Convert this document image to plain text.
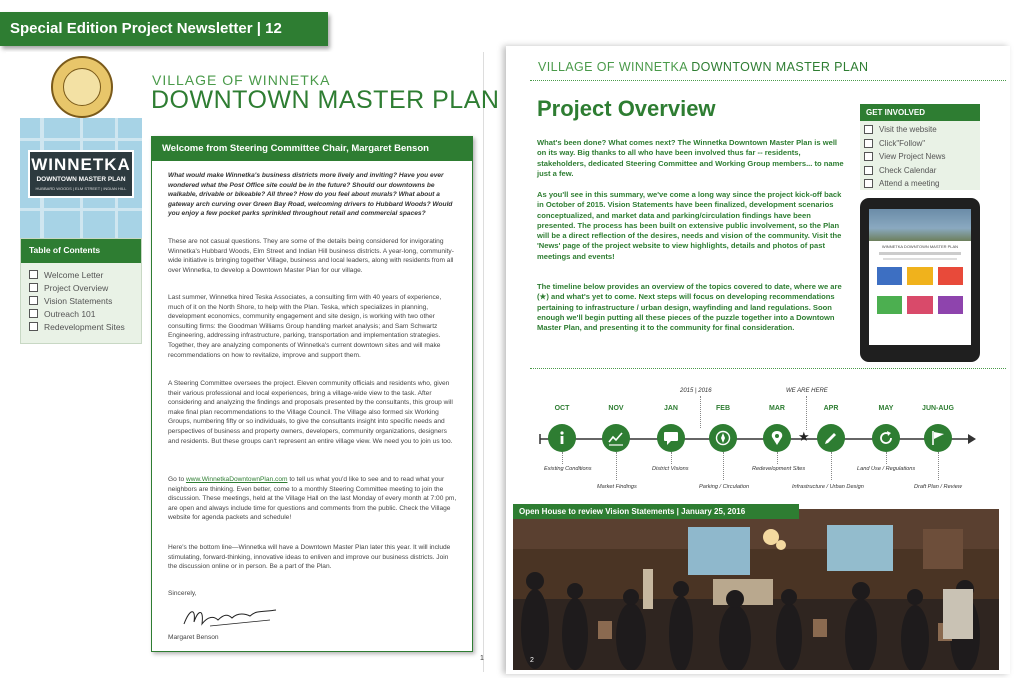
Special Edition Project Newsletter | 12
VILLAGE OF WINNETKA
DOWNTOWN MASTER PLAN
WINNETKA
DOWNTOWN MASTER PLAN
HUBBARD WOODS | ELM STREET | INDIAN HILL
Table of Contents
Welcome Letter
Project Overview
Vision Statements
Outreach 101
Redevelopment Sites
Welcome from Steering Committee Chair, Margaret Benson
What would make Winnetka's business districts more lively and inviting? Have you ever wondered what the Post Office site could be in the future? Should our downtowns be walkable, drivable or bikeable? All three? How do you feel about murals? What about a gateway arch curving over Green Bay Road, welcoming drivers to Hubbard Woods? Would you enjoy a few pocket parks sprinkled throughout retail and commercial spaces?
These are not casual questions. They are some of the details being considered for invigorating Winnetka's Hubbard Woods, Elm Street and Indian Hill business districts. A year-long, community-wide initiative is bringing together Village, business and local leaders, along with residents from all over Winnetka, to develop a Downtown Master Plan for our village.
Last summer, Winnetka hired Teska Associates, a consulting firm with 40 years of experience, much of it on the North Shore, to help with the Plan. Teska, which specializes in planning, development economics, community engagement and site design, is working with two other consulting firms: the Goodman Williams Group handling market analysis; and Sam Schwartz Engineering, addressing infrastructure, parking, transportation and implementation strategies. Together, they are analyzing components of Winnetka's current downtown sites and will make recommendations on how to revitalize, improve and support them.
A Steering Committee oversees the project. Eleven community officials and residents who, given their various professional and local experiences, bring a village-wide view to the task. After considering and analyzing the findings and proposals presented by the consultants, this group will make final plan recommendations to the Village Council. The Village also formed six Working Groups, numbering fifty or so individuals, to give the consultants insight into specific needs and perspectives of business and property owners, developers, community organizations, designers and residents. But these groups can't represent an entire village view. We need you to join us too.
Go to www.WinnetkaDowntownPlan.com to tell us what you'd like to see and to read what your neighbors are thinking. Even better, come to a monthly Steering Committee meeting to join the discussion. These meetings, held at the Village Hall on the last Monday of every month at 7:00 pm, are open and always include time for questions and comments from the public. Check the Village website for agenda packets and schedule!
Here's the bottom line—Winnetka will have a Downtown Master Plan later this year. It will include stimulating, forward-thinking, innovative ideas to enliven and improve our business districts. Join the discussion online or in person. Be a part of the Plan.
Sincerely,
Margaret Benson
1
VILLAGE OF WINNETKA DOWNTOWN MASTER PLAN
Project Overview
What's been done? What comes next? The Winnetka Downtown Master Plan is well on its way. Big thanks to all who have been involved thus far -- residents, stakeholders, dedicated Steering Committee and Working Group members... to name just a few.
As you'll see in this summary, we've come a long way since the project kick-off back in October of 2015. Vision Statements have been finalized, development scenarios conceptualized, and market data and parking/circulation findings have been presented. The process has been built on extensive public involvement, so the Plan will be a direct reflection of the desires, needs and vision of the community. Visit the 'News' page of the project website to view highlights, details and photos of past meetings and events!
The timeline below provides an overview of the topics covered to date, where we are (★) and what's yet to come. Next steps will focus on developing recommendations pertaining to infrastructure / urban design, wayfinding and land regulations. Soon enough we'll begin putting all these pieces of the puzzle together into a Downtown Master Plan, and presenting it to the community for final consideration.
GET INVOLVED
Visit the website
Click"Follow"
View Project News
Check Calendar
Attend a meeting
WINNETKA DOWNTOWN MASTER PLAN
2015 | 2016	WE ARE HERE
OCT	NOV	JAN	FEB	MAR	APR	MAY	JUN-AUG
★
Existing Conditions	District Visions	Redevelopment Sites	Land Use / Regulations
Market Findings	Parking / Circulation	Infrastructure / Urban Design	Draft Plan / Review
Open House to review Vision Statements | January 25, 2016
2
